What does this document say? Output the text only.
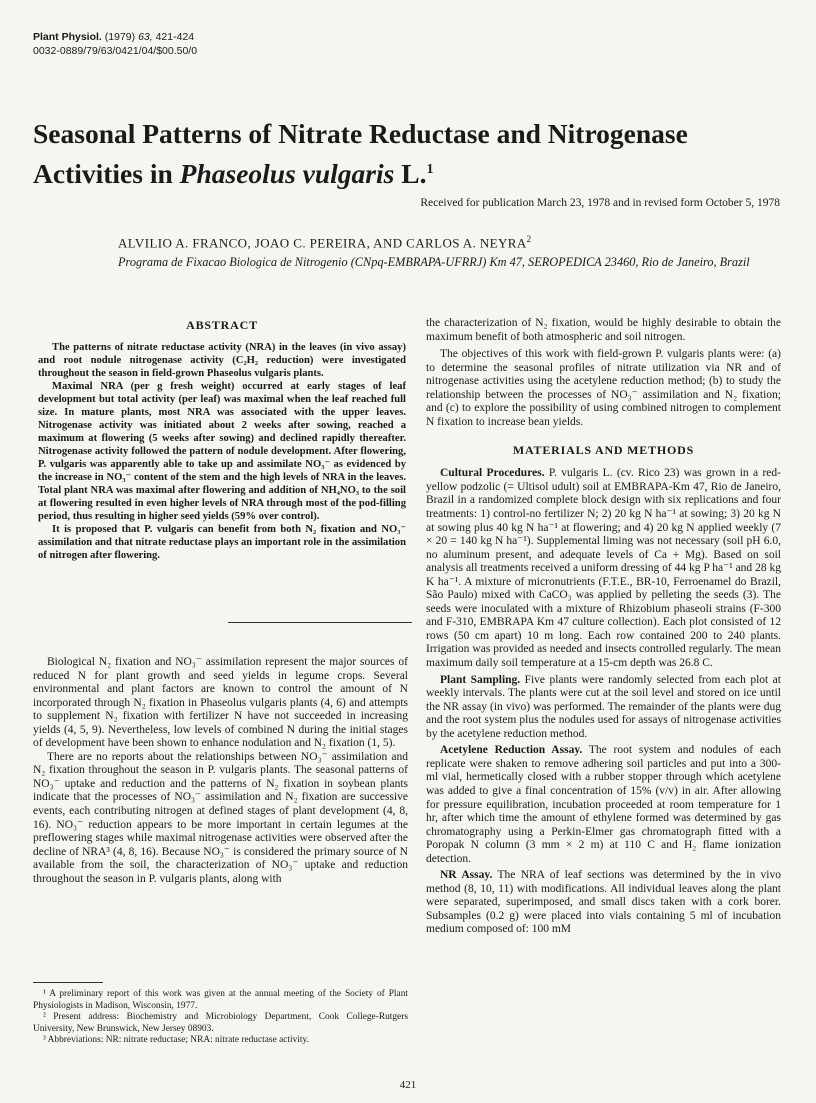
Plant Physiol. (1979) 63, 421-424
0032-0889/79/63/0421/04/$00.50/0
Seasonal Patterns of Nitrate Reductase and Nitrogenase Activities in Phaseolus vulgaris L.$^1$
Received for publication March 23, 1978 and in revised form October 5, 1978
ALVILIO A. FRANCO, JOAO C. PEREIRA, AND CARLOS A. NEYRA$^2$
Programa de Fixacao Biologica de Nitrogenio (CNpq-EMBRAPA-UFRRJ) Km 47, SEROPEDICA 23460, Rio de Janeiro, Brazil
ABSTRACT

The patterns of nitrate reductase activity (NRA) in the leaves (in vivo assay) and root nodule nitrogenase activity (C₂H₂ reduction) were investigated throughout the season in field-grown Phaseolus vulgaris plants.

Maximal NRA (per g fresh weight) occurred at early stages of leaf development but total activity (per leaf) was maximal when the leaf reached full size. In mature plants, most NRA was associated with the upper leaves. Nitrogenase activity was initiated about 2 weeks after sowing, reached a maximum at flowering (5 weeks after sowing) and declined rapidly thereafter. Nitrogenase activity followed the pattern of nodule development. After flowering, P. vulgaris was apparently able to take up and assimilate NO₃⁻ as evidenced by the increase in NO₃⁻ content of the stem and the high levels of NRA in the leaves. Total plant NRA was maximal after flowering and addition of NH₄NO₃ to the soil at flowering resulted in even higher levels of NRA through most of the pod-filling period, thus resulting in higher seed yields (59% over control).

It is proposed that P. vulgaris can benefit from both N₂ fixation and NO₃⁻ assimilation and that nitrate reductase plays an important role in the assimilation of nitrogen after flowering.

Biological N₂ fixation and NO₃⁻ assimilation represent the major sources of reduced N for plant growth and seed yields in legume crops. Several environmental and plant factors are known to control the amount of N incorporated through N₂ fixation in Phaseolus vulgaris plants (4, 6) and attempts to supplement N₂ fixation with fertilizer N have not succeeded in increasing yields (4, 5, 9). Nevertheless, low levels of combined N during the initial stages of development have been shown to enhance nodulation and N₂ fixation (1, 5).

There are no reports about the relationships between NO₃⁻ assimilation and N₂ fixation throughout the season in P. vulgaris plants. The seasonal patterns of NO₃⁻ uptake and reduction and the patterns of N₂ fixation in soybean plants indicate that the processes of NO₃⁻ assimilation and N₂ fixation are successive events, each contributing nitrogen at defined stages of plant development (4, 8, 16). NO₃⁻ reduction appears to be more important in certain legumes at the preflowering stages while maximal nitrogenase activities were observed after the decline of NRA³ (4, 8, 16). Because NO₃⁻ is considered the primary source of N available from the soil, the characterization of NO₃⁻ uptake and reduction throughout the season in P. vulgaris plants, along with

¹ A preliminary report of this work was given at the annual meeting of the Society of Plant Physiologists in Madison, Wisconsin, 1977.

² Present address: Biochemistry and Microbiology Department, Cook College-Rutgers University, New Brunswick, New Jersey 08903.

³ Abbreviations: NR: nitrate reductase; NRA: nitrate reductase activity.

the characterization of N₂ fixation, would be highly desirable to obtain the maximum benefit of both atmospheric and soil nitrogen.

The objectives of this work with field-grown P. vulgaris plants were: (a) to determine the seasonal profiles of nitrate utilization via NR and of nitrogenase activities using the acetylene reduction method; (b) to study the relationship between the processes of NO₃⁻ assimilation and N₂ fixation; and (c) to explore the possibility of using combined nitrogen to complement N fixation to increase bean yields.

MATERIALS AND METHODS

Cultural Procedures. P. vulgaris L. (cv. Rico 23) was grown in a red-yellow podzolic (= Ultisol udult) soil at EMBRAPA-Km 47, Rio de Janeiro, Brazil in a randomized complete block design with six replications and four treatments: 1) control-no fertilizer N; 2) 20 kg N ha⁻¹ at sowing; 3) 20 kg N at sowing plus 40 kg N ha⁻¹ at flowering; and 4) 20 kg N applied weekly (7 × 20 = 140 kg N ha⁻¹). Supplemental liming was not necessary (soil pH 6.0, no aluminum present, and adequate levels of Ca + Mg). Based on soil analysis all treatments received a uniform dressing of 44 kg P ha⁻¹ and 28 kg K ha⁻¹. A mixture of micronutrients (F.T.E., BR-10, Ferroenamel do Brazil, São Paulo) mixed with CaCO₃ was applied by pelleting the seeds (3). The seeds were inoculated with a mixture of Rhizobium phaseoli strains (F-300 and F-310, EMBRAPA Km 47 culture collection). Each plot consisted of 12 rows (50 cm apart) 10 m long. Each row contained 200 to 240 plants. Irrigation was provided as needed and insects controlled regularly. The mean maximum daily soil temperature at a 15-cm depth was 26.8 C.

Plant Sampling. Five plants were randomly selected from each plot at weekly intervals. The plants were cut at the soil level and stored on ice until the NR assay (in vivo) was performed. The remainder of the plants were dug and the root system plus the nodules used for assays of nitrogenase activities by the acetylene reduction method.

Acetylene Reduction Assay. The root system and nodules of each replicate were shaken to remove adhering soil particles and put into a 300-ml vial, hermetically closed with a rubber stopper through which acetylene was added to give a final concentration of 15% (v/v) in air. After allowing for pressure equilibration, incubation proceeded at room temperature for 1 hr, after which time the amount of ethylene formed was determined by gas chromatography using a Perkin-Elmer gas chromatograph fitted with a Poropak N column (3 mm × 2 m) at 110 C and H₂ flame ionization detection.

NR Assay. The NRA of leaf sections was determined by the in vivo method (8, 10, 11) with modifications. All individual leaves along the plant were separated, superimposed, and small discs taken with a cork borer. Subsamples (0.2 g) were placed into vials containing 5 ml of incubation medium composed of: 100 mM

421
